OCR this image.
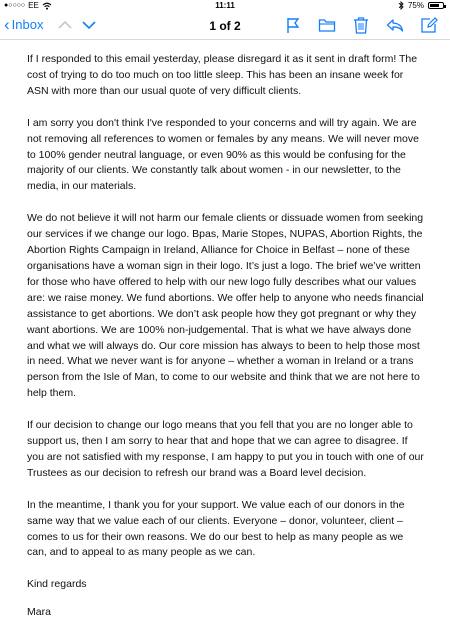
●○○○○ EE	11:11	75%
‹ Inbox	1 of 2

If I responded to this email yesterday, please disregard it as it sent in draft form! The cost of trying to do too much on too little sleep. This has been an insane week for ASN with more than our usual quote of very difficult clients.

I am sorry you don't think I've responded to your concerns and will try again. We are not removing all references to women or females by any means. We will never move to 100% gender neutral language, or even 90% as this would be confusing for the majority of our clients. We constantly talk about women - in our newsletter, to the media, in our materials.

We do not believe it will not harm our female clients or dissuade women from seeking our services if we change our logo. Bpas, Marie Stopes, NUPAS, Abortion Rights, the Abortion Rights Campaign in Ireland, Alliance for Choice in Belfast – none of these organisations have a woman sign in their logo. It’s just a logo. The brief we’ve written for those who have offered to help with our new logo fully describes what our values are: we raise money. We fund abortions. We offer help to anyone who needs financial assistance to get abortions. We don’t ask people how they got pregnant or why they want abortions. We are 100% non-judgemental. That is what we have always done and what we will always do. Our core mission has always to been to help those most in need. What we never want is for anyone – whether a woman in Ireland or a trans person from the Isle of Man, to come to our website and think that we are not here to help them.

If our decision to change our logo means that you fell that you are no longer able to support us, then I am sorry to hear that and hope that we can agree to disagree. If you are not satisfied with my response, I am happy to put you in touch with one of our Trustees as our decision to refresh our brand was a Board level decision.

In the meantime, I thank you for your support. We value each of our donors in the same way that we value each of our clients. Everyone – donor, volunteer, client – comes to us for their own reasons. We do our best to help as many people as we can, and to appeal to as many people as we can.

Kind regards

Mara
